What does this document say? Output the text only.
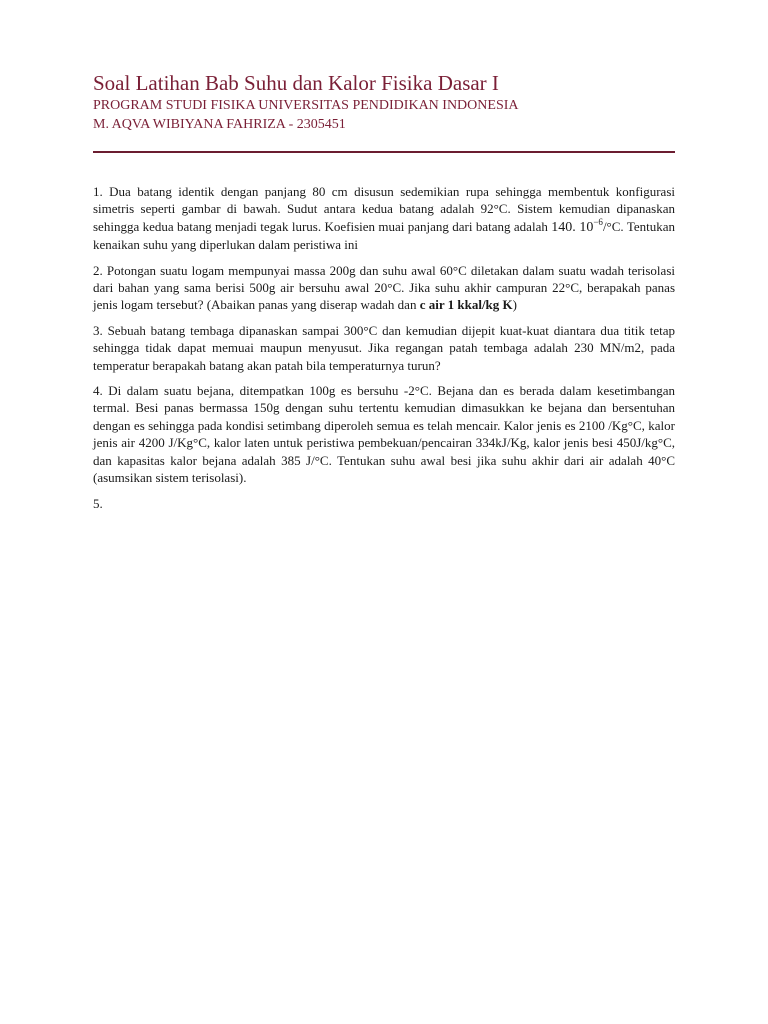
Soal Latihan Bab Suhu dan Kalor Fisika Dasar I

PROGRAM STUDI FISIKA UNIVERSITAS PENDIDIKAN INDONESIA

M. AQVA WIBIYANA FAHRIZA - 2305451

1. Dua batang identik dengan panjang 80 cm disusun sedemikian rupa sehingga membentuk konfigurasi simetris seperti gambar di bawah. Sudut antara kedua batang adalah 92°C. Sistem kemudian dipanaskan sehingga kedua batang menjadi tegak lurus. Koefisien muai panjang dari batang adalah 140. $10^{-6}/^\circ C$. Tentukan kenaikan suhu yang diperlukan dalam peristiwa ini

2. Potongan suatu logam mempunyai massa 200g dan suhu awal 60°C diletakan dalam suatu wadah terisolasi dari bahan yang sama berisi 500g air bersuhu awal 20°C. Jika suhu akhir campuran 22°C, berapakah panas jenis logam tersebut? (Abaikan panas yang diserap wadah dan c air 1 kkal/kg K)

3. Sebuah batang tembaga dipanaskan sampai 300°C dan kemudian dijepit kuat-kuat diantara dua titik tetap sehingga tidak dapat memuai maupun menyusut. Jika regangan patah tembaga adalah 230 MN/m2, pada temperatur berapakah batang akan patah bila temperaturnya turun?

4. Di dalam suatu bejana, ditempatkan 100g es bersuhu -2°C. Bejana dan es berada dalam kesetimbangan termal. Besi panas bermassa 150g dengan suhu tertentu kemudian dimasukkan ke bejana dan bersentuhan dengan es sehingga pada kondisi setimbang diperoleh semua es telah mencair. Kalor jenis es 2100 /Kg°C, kalor jenis air 4200 J/Kg°C, kalor laten untuk peristiwa pembekuan/pencairan 334kJ/Kg, kalor jenis besi 450J/kg°C, dan kapasitas kalor bejana adalah 385 J/°C. Tentukan suhu awal besi jika suhu akhir dari air adalah 40°C (asumsikan sistem terisolasi).

5.
